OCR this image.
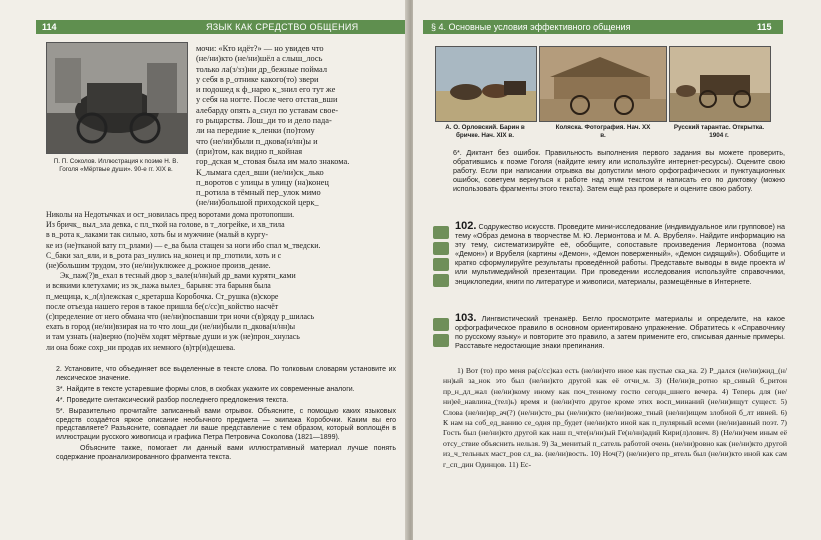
114	ЯЗЫК КАК СРЕДСТВО ОБЩЕНИЯ
П. П. Соколов. Иллюстрация к поэме Н. В. Гоголя «Мёртвые души». 90-е гг. XIX в.

мочи: «Кто идёт?» — но увидев что

(не/ни)кто (не/ни)шёл а слыш_лось

только ла(з/зз)ни др_бежные поймал

у себя в р_отнике какого(то) звери

и подошед к ф_нарю к_знил его тут же

у себя на ногте. После чего отстав_вши

алебарду опять а_снул по уставам свое-

го рыцарства. Лош_ди то и дело пада-

ли на передние к_ленки (по)тому

что (не/ни)были п_дкова(н/нн)ы и

(при)том, как видно п_койная

гор_дская м_стовая была им мало знакома.

К_лымага сдел_вши (не/ни)ск_лько

п_воротов с улицы в улицу (на)конец

п_ротила в тёмный пер_улок мимо

(не/ни)большой приходской церк_

Николы на Недотычках и ост_новилась пред воротами дома протопопши.

Из бричк_ выл_зла девка, с пл_ткой на голове, в т_логрейке, и хв_тила

в в_рота к_лаками так сильно, хоть бы и мужчине (мальй в кургу-

ке из (не)тканой вату гл_рлами) — е_ва была стащен за ноги ибо спал м_тведски.

С_баки зал_яли, и в_рота раз_нулись на_конец и пр_глотили, хоть и с

(не)большим трудом, это (не/ни)уклюжее д_рожное произв_дение.

Эк_паж(?)в_ехал в тесный двор з_вале(н/нн)ый др_вами курятн_ками

и всякими клетухами; из эк_пажа вылез_ барыня: эта барыня была

п_мещица, к_л(л)лежская с_кретарша Коробочка. Ст_рушка (в)скоре

после отъезда нашего героя в такое пришла бе(с/сс)п_койство насчёт

(с)пределение от него обмана что (не/ни)поспавши три ночи с(в)ряду р_шилась

ехать в город (не/ни)взирая на то что лош_ди (не/ни)были п_дкова(н/нн)ы

и там узнать (на)верно (по)чём ходят мёртвые души и уж (не)прон_хнулась

ли она боже сохр_ни продав их немного (в)тр(и)дешева.

2. Установите, что объединяет все выделенные в тексте слова. По толковым словарям установите их лексическое значение.

3*. Найдите в тексте устаревшие формы слов, в скобках укажите их современные аналоги.

4*. Проведите синтаксический разбор последнего предложения текста.

5*. Выразительно прочитайте записанный вами отрывок. Объясните, с помощью каких языковых средств создаётся яркое описание необычного предмета — экипажа Коробочки. Каким вы его представляете? Разъясните, совпадает ли ваше представление с тем образом, который воплощён в иллюстрации русского живописца и графика Петра Петровича Соколова (1821—1899).

Объясните также, помогает ли данный вами иллюстративный материал лучше понять содержание проанализированного фрагмента текста.

§ 4. Основные условия эффективного общения	115
А. О. Орловский. Барин в бричке. Нач. XIX в.
Коляска. Фотография. Нач. XX в.
Русский тарантас. Открытка. 1904 г.
6*. Диктант без ошибок. Правильность выполнения первого задания вы можете проверить, обратившись к поэме Гоголя (найдите книгу или используйте интернет-ресурсы). Оцените свою работу. Если при написании отрывка вы допустили много орфографических и пунктуационных ошибок, советуем вернуться к работе над этим текстом и написать его по диктовку (можно использовать фрагменты этого текста). Затем ещё раз проверьте и оцените свою работу.
102. Содружество искусств. Проведите мини-исследование (индивидуальное или групповое) на тему «Образ демона в творчестве М. Ю. Лермонтова и М. А. Врубеля». Найдите информацию на эту тему, систематизируйте её, обобщите, сопоставьте произведения Лермонтова (поэма «Демон») и Врубеля (картины «Демон», «Демон поверженный», «Демон сидящий»). Обобщите и кратко сформулируйте результаты проведённой работы. Представьте выводы в виде проекта и/или мультимедийной презентации. При проведении исследования используйте справочники, энциклопедии, книги по литературе и живописи, материалы, размещённые в Интернете.
103. Лингвистический тренажёр. Бегло просмотрите материалы и определите, на какое орфографическое правило в основном ориентировано упражнение. Обратитесь к «Справочнику по русскому языку» и повторите это правило, а затем примените его, списывая данные примеры. Расставьте недостающие знаки препинания.
1) Вот (то) про меня ра(с/сс)каз есть (не/ни)что иное как пустые ска_ка. 2) Р_дался (не/ни)жид_(н/нн)ый за_нок это был (не/ни)кто другой как её отчи_м. 3) (Не/ни)в_ротно кр_сивый б_ритон пр_н_дл_жал (не/ни)кому иному как поч_тенному гостю сегодн_шнего вечера. 4) Теперь для (не/ни)её_навлина_(тел)ь) время и (не/ни)что другое кроме этих восп_минаний (не/ни)ищут сущест. 5) Слова (не/ни)вр_ач(?) (не/ни)сто_ры (не/ни)кто (не/ни)воже_тный (не/ни)ищем злобной б_лт ивней. 6) К нам на соб_ед_ванию се_одня пр_будет (не/ни)кто иной как п_пулярный всеми (не/ни)авный поэт. 7) Гость был (не/ни)кто другой как наш п_чте(н/нн)ый Ге(н/нн)адий Кири(л)лович. 8) (Не/ни)чем иным её отсу_ствие объяснить нельзя. 9) За_менитый п_сатель работой очень (не/ни)ровно как (не/ни)кто другой из_ч_тельных маст_ров сл_ва. (не/ни)вость. 10) Ноч(?) (не/ни)его пр_ятель был (не/ни)кто иной как сам г_сп_дин Одинцов. 11) Ес-
